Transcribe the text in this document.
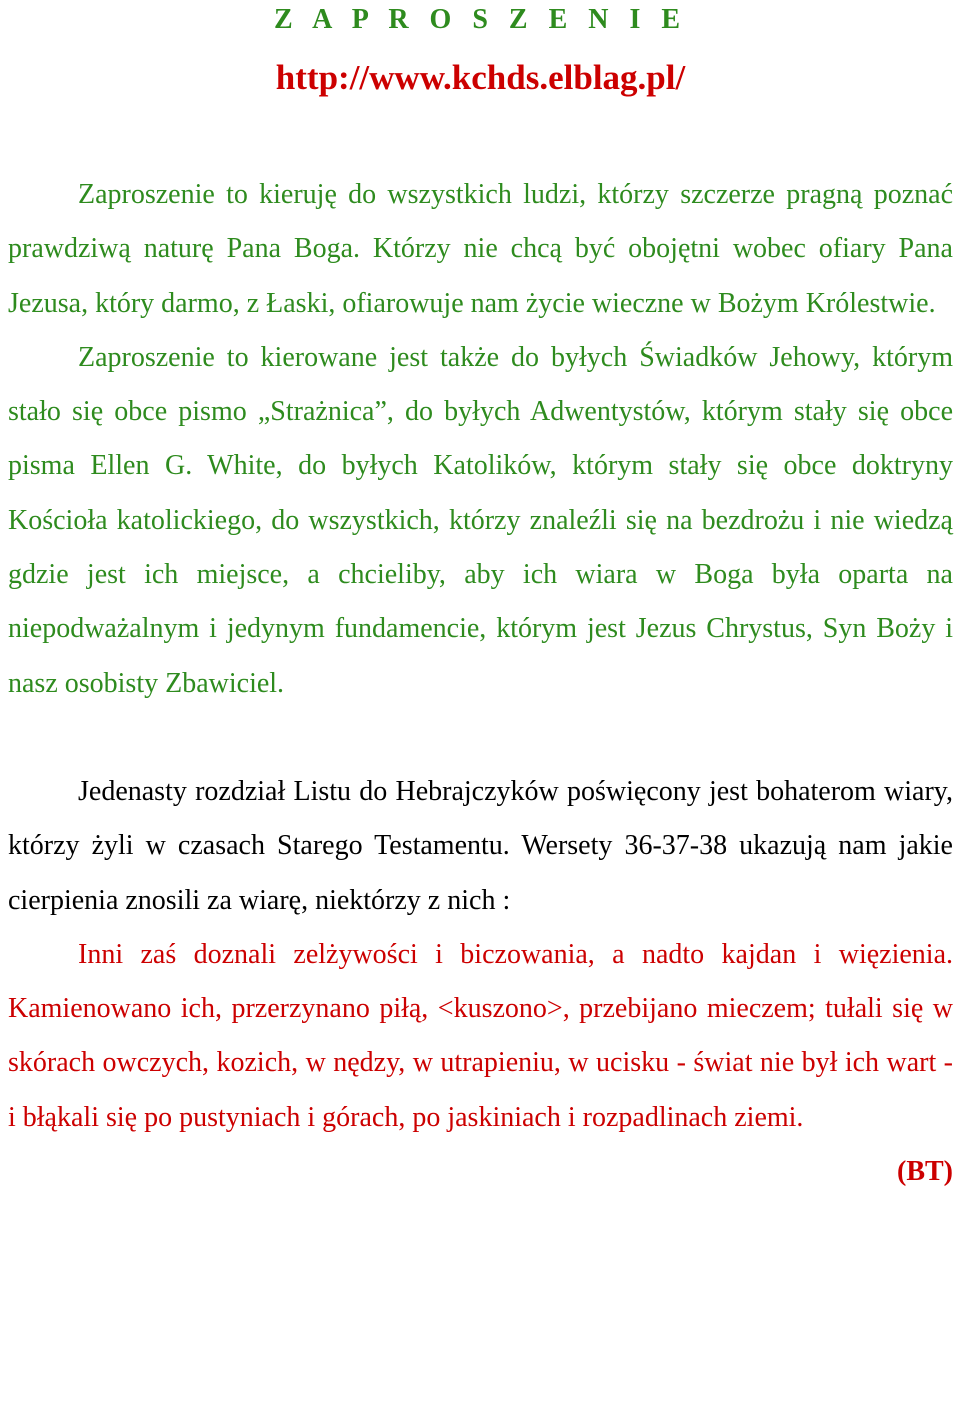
Z A P R O S Z E N I E
http://www.kchds.elblag.pl/

Zaproszenie to kieruję do wszystkich ludzi, którzy szczerze pragną poznać prawdziwą naturę Pana Boga. Którzy nie chcą być obojętni wobec ofiary Pana Jezusa, który darmo, z Łaski, ofiarowuje nam życie wieczne w Bożym Królestwie.

Zaproszenie to kierowane jest także do byłych Świadków Jehowy, którym stało się obce pismo „Strażnica”, do byłych Adwentystów, którym stały się obce pisma Ellen G. White, do byłych Katolików, którym stały się obce doktryny Kościoła katolickiego, do wszystkich, którzy znaleźli się na bezdrożu i nie wiedzą gdzie jest ich miejsce, a chcieliby, aby ich wiara w Boga była oparta na niepodważalnym i jedynym fundamencie, którym jest Jezus Chrystus, Syn Boży i nasz osobisty Zbawiciel.

Jedenasty rozdział Listu do Hebrajczyków poświęcony jest bohaterom wiary, którzy żyli w czasach Starego Testamentu. Wersety 36-37-38 ukazują nam jakie cierpienia znosili za wiarę, niektórzy z nich :

Inni zaś doznali zelżywości i biczowania, a nadto kajdan i więzienia. Kamienowano ich, przerzynano piłą, <kuszono>, przebijano mieczem; tułali się w skórach owczych, kozich, w nędzy, w utrapieniu, w ucisku - świat nie był ich wart - i błąkali się po pustyniach i górach, po jaskiniach i rozpadlinach ziemi.

(BT)
